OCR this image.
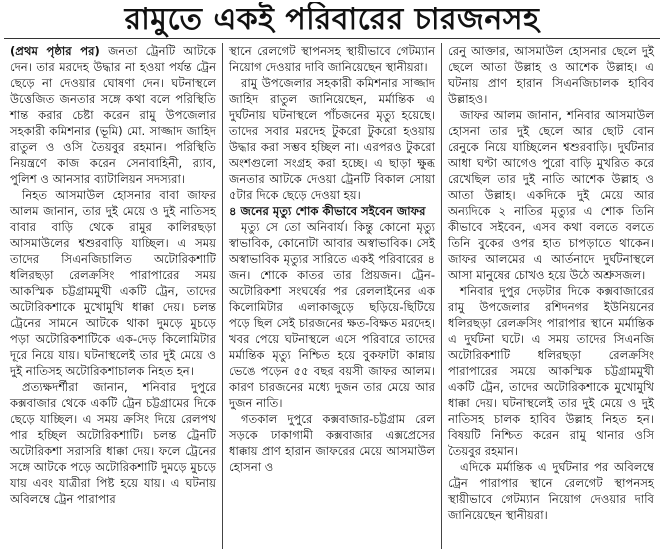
রামুতে একই পরিবারের চারজনসহ

(প্রথম পৃষ্ঠার পর) জনতা ট্রেনটি আটকে দেন। তার মরদেহ উদ্ধার না হওয়া পর্যন্ত ট্রেন ছেড়ে না দেওয়ার ঘোষণা দেন। ঘটনাস্থলে উত্তেজিত জনতার সঙ্গে কথা বলে পরিস্থিতি শান্ত করার চেষ্টা করেন রামু উপজেলার সহকারী কমিশনার (ভূমি) মো. সাজ্জাদ জাহিদ রাতুল ও ওসি তৈয়বুর রহমান। পরিস্থিতি নিয়ন্ত্রণে কাজ করেন সেনাবাহিনী, র‍্যাব, পুলিশ ও আনসার ব্যাটালিয়ন সদস্যরা।

নিহত আসমাউল হোসনার বাবা জাফর আলম জানান, তার দুই মেয়ে ও দুই নাতিসহ বাবার বাড়ি থেকে রামুর কালিরছড়া আসমাউলের শ্বশুরবাড়ি যাচ্ছিল। এ সময় তাদের সিএনজিচালিত অটোরিকশাটি ধলিরছড়া রেলক্রসিং পারাপারের সময় আকস্মিক চট্টগ্রামমুখী একটি ট্রেন, তাদের অটোরিকশাকে মুখোমুখি ধাক্কা দেয়। চলন্ত ট্রেনের সামনে আটকে থাকা দুমড়ে মুচড়ে পড়া অটোরিকশাটিকে এক-দেড় কিলোমিটার দূরে নিয়ে যায়। ঘটনাস্থলেই তার দুই মেয়ে ও দুই নাতিসহ অটোরিকশাচালক নিহত হন।

প্রত্যক্ষদর্শীরা জানান, শনিবার দুপুরে কক্সবাজার থেকে একটি ট্রেন চট্টগ্রামের দিকে ছেড়ে যাচ্ছিল। এ সময় ক্রসিং দিয়ে রেলপথ পার হচ্ছিল অটোরিকশাটি। চলন্ত ট্রেনটি অটোরিকশা সরাসরি ধাক্কা দেয়। ফলে ট্রেনের সঙ্গে আটকে পড়ে অটোরিকশাটি দুমড়ে মুচড়ে যায় এবং যাত্রীরা পিষ্ট হয়ে যায়। এ ঘটনায় অবিলম্বে ট্রেন পারাপার

স্থানে রেলগেট স্থাপনসহ স্থায়ীভাবে গেটম্যান নিয়োগ দেওয়ার দাবি জানিয়েছেন স্থানীয়রা।

রামু উপজেলার সহকারী কমিশনার সাজ্জাদ জাহিদ রাতুল জানিয়েছেন, মর্মান্তিক এ দুর্ঘটনায় ঘটনাস্থলে পাঁচজনের মৃত্যু হয়েছে। তাদের সবার মরদেহ টুকরো টুকরো হওয়ায় উদ্ধার করা সম্ভব হচ্ছিল না। এরপরও টুকরো অংশগুলো সংগ্রহ করা হচ্ছে। এ ছাড়া ক্ষুব্ধ জনতার আটকে দেওয়া ট্রেনটি বিকাল সোয়া ৫টার দিকে ছেড়ে দেওয়া হয়।

৪ জনের মৃত্যু শোক কীভাবে সইবেন জাফর

মৃত্যু সে তো অনিবার্য। কিন্তু কোনো মৃত্যু স্বাভাবিক, কোনোটা আবার অস্বাভাবিক। সেই অস্বাভাবিক মৃত্যুর সারিতে একই পরিবারের ৪ জন। শোকে কাতর তার প্রিয়জন। ট্রেন-অটোরিকশা সংঘর্ষের পর রেললাইনের এক কিলোমিটার এলাকাজুড়ে ছড়িয়ে-ছিটিয়ে পড়ে ছিল সেই চারজনের ক্ষত-বিক্ষত মরদেহ। খবর পেয়ে ঘটনাস্থলে এসে পরিবারে তাদের মর্মান্তিক মৃত্যু নিশ্চিত হয়ে বুকফাটা কান্নায় ভেঙে পড়েন ৫৫ বছর বয়সী জাফর আলম। কারণ চারজনের মধ্যে দুজন তার মেয়ে আর দুজন নাতি।

গতকাল দুপুরে কক্সবাজার-চট্টগ্রাম রেল সড়কে ঢাকাগামী কক্সবাজার এক্সপ্রেসের ধাক্কায় প্রাণ হারান জাফরের মেয়ে আসমাউল হোসনা ও

রেনু আক্তার, আসমাউল হোসনার ছেলে দুই ছেলে আতা উল্লাহ ও আশেক উল্লাহ। এ ঘটনায় প্রাণ হারান সিএনজিচালক হাবিব উল্লাহও।

জাফর আলম জানান, শনিবার আসমাউল হোসনা তার দুই ছেলে আর ছোট বোন রেনুকে নিয়ে যাচ্ছিলেন শ্বশুরবাড়ি। দুর্ঘটনার আধা ঘণ্টা আগেও পুরো বাড়ি মুখরিত করে রেখেছিল তার দুই নাতি আশেক উল্লাহ ও আতা উল্লাহ। একদিকে দুই মেয়ে আর অন্যদিকে ২ নাতির মৃত্যুর এ শোক তিনি কীভাবে সইবেন, এসব কথা বলতে বলতে তিনি বুকের ওপর হাত চাপড়াতে থাকেন। জাফর আলমের এ আর্তনাদে দুর্ঘটনাস্থলে আসা মানুষের চোখও হয়ে উঠে অশ্রুসজল।

শনিবার দুপুর দেড়টার দিকে কক্সবাজারের রামু উপজেলার রশিদনগর ইউনিয়নের ধলিরছড়া রেলক্রসিং পারাপার স্থানে মর্মান্তিক এ দুর্ঘটনা ঘটে। এ সময় তাদের সিএনজি অটোরিকশাটি ধলিরছড়া রেলক্রসিং পারাপারের সময়ে আকস্মিক চট্টগ্রামমুখী একটি ট্রেন, তাদের অটোরিকশাকে মুখোমুখি ধাক্কা দেয়। ঘটনাস্থলেই তার দুই মেয়ে ও দুই নাতিসহ চালক হাবিব উল্লাহ নিহত হন। বিষয়টি নিশ্চিত করেন রামু থানার ওসি তৈয়বুর রহমান।

এদিকে মর্মান্তিক এ দুর্ঘটনার পর অবিলম্বে ট্রেন পারাপার স্থানে রেলগেট স্থাপনসহ স্থায়ীভাবে গেটম্যান নিয়োগ দেওয়ার দাবি জানিয়েছেন স্থানীয়রা।
